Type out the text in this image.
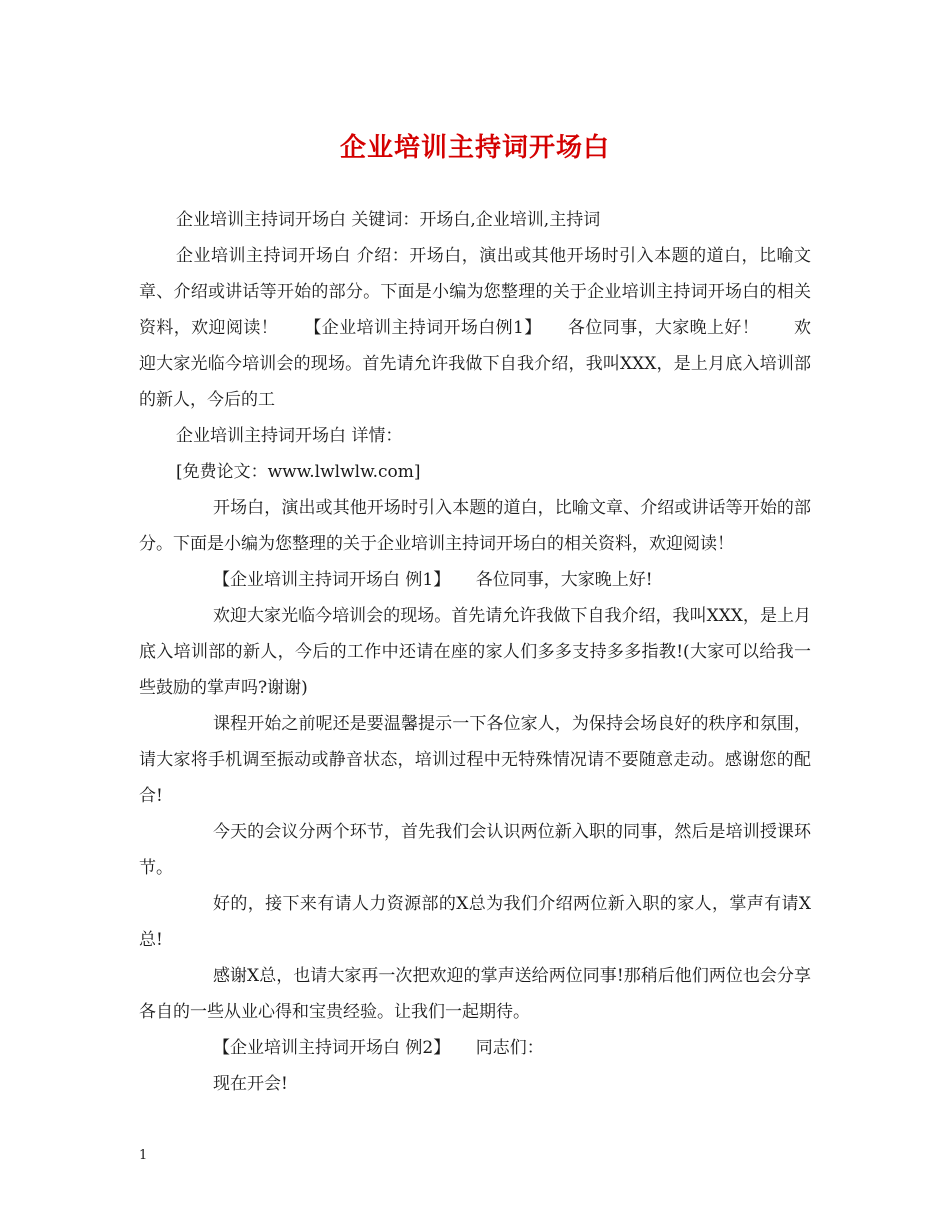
企业培训主持词开场白

企业培训主持词开场白 关键词：开场白,企业培训,主持词

企业培训主持词开场白 介绍：开场白，演出或其他开场时引入本题的道白，比喻文章、介绍或讲话等开始的部分。下面是小编为您整理的关于企业培训主持词开场白的相关资料，欢迎阅读！　　【企业培训主持词开场白例1】　　各位同事，大家晚上好！　　欢迎大家光临今培训会的现场。首先请允许我做下自我介绍，我叫XXX，是上月底入培训部的新人，今后的工

企业培训主持词开场白 详情：

[免费论文：www.lwlwlw.com]

开场白，演出或其他开场时引入本题的道白，比喻文章、介绍或讲话等开始的部分。下面是小编为您整理的关于企业培训主持词开场白的相关资料，欢迎阅读！

【企业培训主持词开场白 例1】　　各位同事，大家晚上好!

欢迎大家光临今培训会的现场。首先请允许我做下自我介绍，我叫XXX，是上月底入培训部的新人，今后的工作中还请在座的家人们多多支持多多指教!(大家可以给我一些鼓励的掌声吗?谢谢)

课程开始之前呢还是要温馨提示一下各位家人，为保持会场良好的秩序和氛围，请大家将手机调至振动或静音状态，培训过程中无特殊情况请不要随意走动。感谢您的配合!

今天的会议分两个环节，首先我们会认识两位新入职的同事，然后是培训授课环节。

好的，接下来有请人力资源部的X总为我们介绍两位新入职的家人，掌声有请X总!

感谢X总，也请大家再一次把欢迎的掌声送给两位同事!那稍后他们两位也会分享各自的一些从业心得和宝贵经验。让我们一起期待。

【企业培训主持词开场白 例2】　　同志们：

现在开会!

1
